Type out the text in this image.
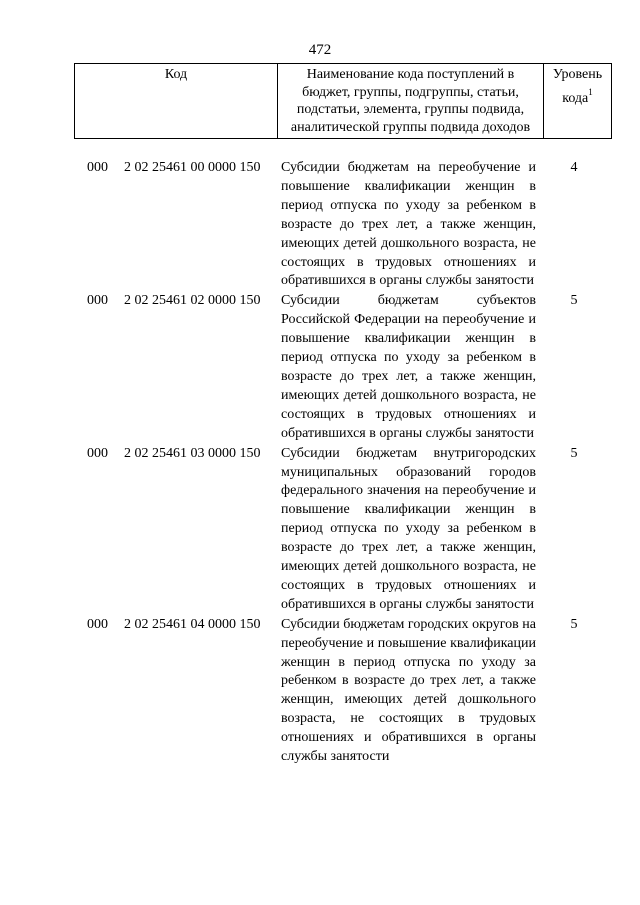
472
Код	Наименование кода поступлений в бюджет, группы, подгруппы, статьи, подстатьи, элемента, группы подвида, аналитической группы подвида доходов
Уровень кода$^1$
000 2 02 25461 00 0000 150 Субсидии бюджетам на переобучение и повышение квалификации женщин в период отпуска по уходу за ребенком в возрасте до трех лет, а также женщин, имеющих детей дошкольного возраста, не состоящих в трудовых отношениях и обратившихся в органы службы занятости
4
000 2 02 25461 02 0000 150 Субсидии бюджетам субъектов Российской Федерации на переобучение и повышение квалификации женщин в период отпуска по уходу за ребенком в возрасте до трех лет, а также женщин, имеющих детей дошкольного возраста, не состоящих в трудовых отношениях и обратившихся в органы службы занятости
5
000 2 02 25461 03 0000 150 Субсидии бюджетам внутригородских муниципальных образований городов федерального значения на переобучение и повышение квалификации женщин в период отпуска по уходу за ребенком в возрасте до трех лет, а также женщин, имеющих детей дошкольного возраста, не состоящих в трудовых отношениях и обратившихся в органы службы занятости
5
000 2 02 25461 04 0000 150 Субсидии бюджетам городских округов на переобучение и повышение квалификации женщин в период отпуска по уходу за ребенком в возрасте до трех лет, а также женщин, имеющих детей дошкольного возраста, не состоящих в трудовых отношениях и обратившихся в органы службы занятости
5
